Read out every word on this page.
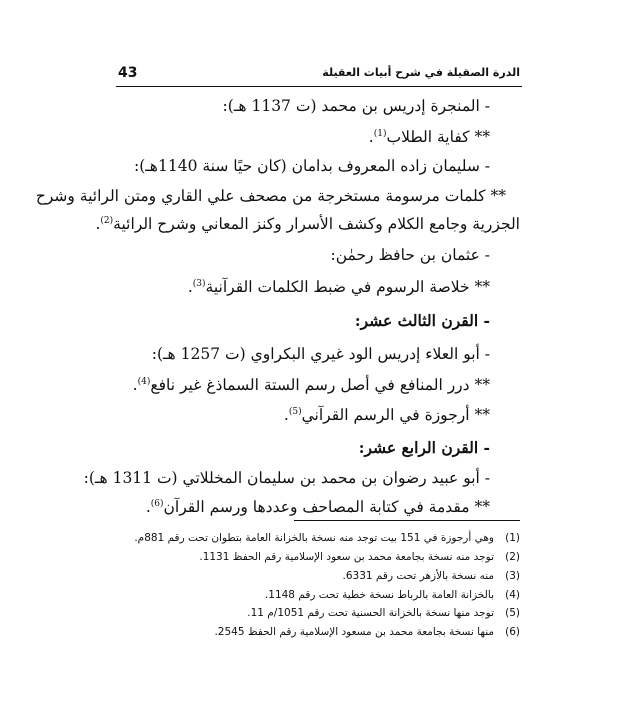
43	الدرة الصقيلة في شرح أبيات العقيلة
- المنجرة إدريس بن محمد (ت 1137 هـ):
** كفاية الطلاب$^{(1)}$.
- سليمان زاده المعروف بدامان (كان حيًا سنة 1140هـ):
** كلمات مرسومة مستخرجة من مصحف علي القاري ومتن الرائية وشرح
الجزرية وجامع الكلام وكشف الأسرار وكنز المعاني وشرح الرائية$^{(2)}$.
- عثمان بن حافظ رحمٰن:
** خلاصة الرسوم في ضبط الكلمات القرآنية$^{(3)}$.
- القرن الثالث عشر:
- أبو العلاء إدريس الود غيري البكراوي (ت 1257 هـ):
** درر المنافع في أصل رسم الستة السماذغ غير نافع$^{(4)}$.
** أرجوزة في الرسم القرآني$^{(5)}$.
- القرن الرابع عشر:
- أبو عبيد رضوان بن محمد بن سليمان المخللاتي (ت 1311 هـ):
** مقدمة في كتابة المصاحف وعددها ورسم القرآن$^{(6)}$.
(1)وهي أرجوزة في 151 بيت توجد منه نسخة بالخزانة العامة بتطوان تحت رقم 881م.
(2)توجد منه نسخة بجامعة محمد بن سعود الإسلامية رقم الحفظ 1131.
(3)منه نسخة بالأزهر تحت رقم 6331.
(4)بالخزانة العامة بالرباط نسخة خطية تحت رقم 1148.
(5)توجد منها نسخة بالخزانة الحسنية تحت رقم 1051/م 11.
(6)منها نسخة بجامعة محمد بن مسعود الإسلامية رقم الحفظ 2545.
